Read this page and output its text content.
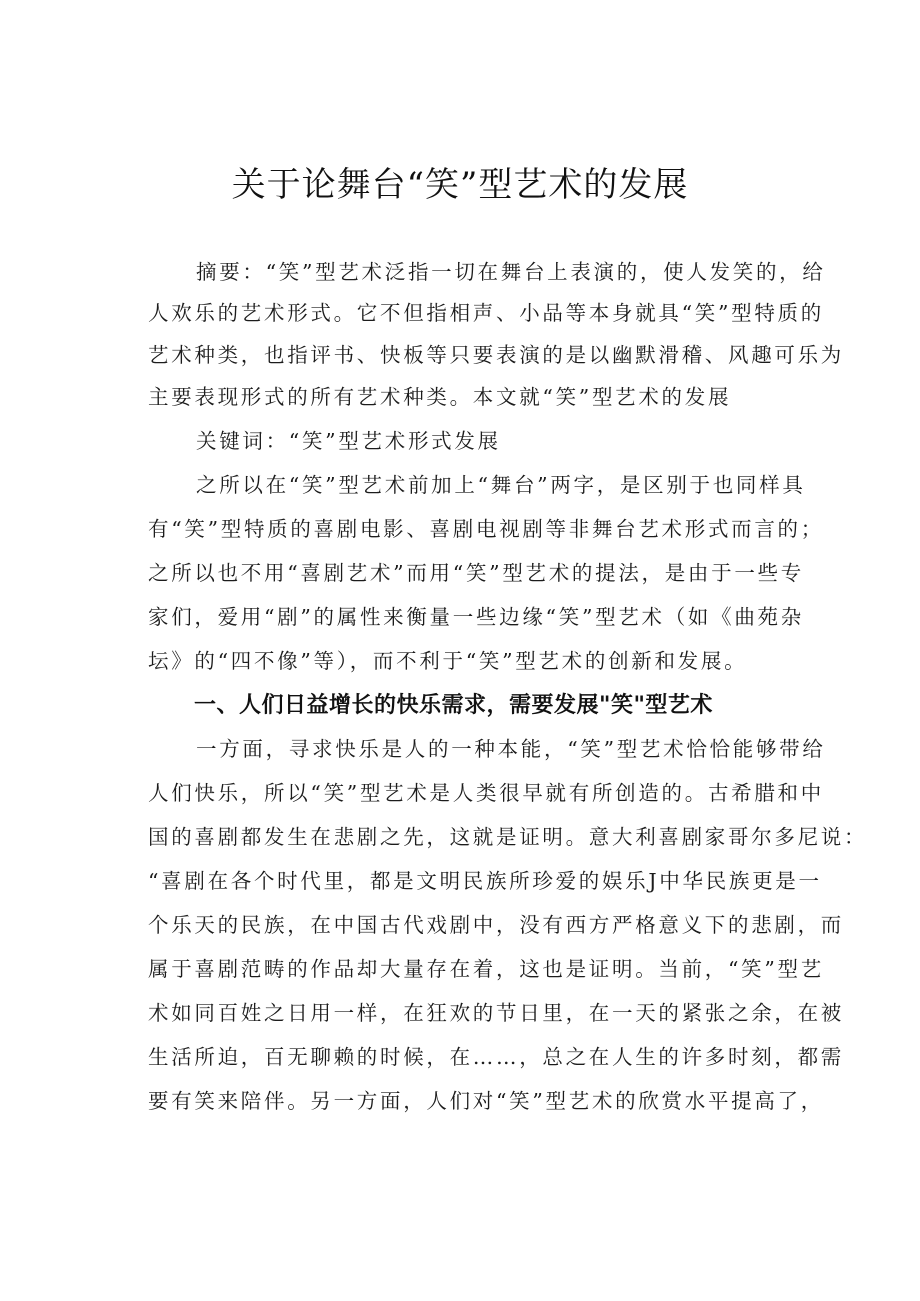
关于论舞台“笑”型艺术的发展
摘要：“笑”型艺术泛指一切在舞台上表演的，使人发笑的，给
人欢乐的艺术形式。它不但指相声、小品等本身就具“笑”型特质的
艺术种类，也指评书、快板等只要表演的是以幽默滑稽、风趣可乐为
主要表现形式的所有艺术种类。本文就“笑”型艺术的发展
关键词：“笑”型艺术形式发展
之所以在“笑”型艺术前加上“舞台”两字，是区别于也同样具
有“笑”型特质的喜剧电影、喜剧电视剧等非舞台艺术形式而言的；
之所以也不用“喜剧艺术”而用“笑”型艺术的提法，是由于一些专
家们，爱用“剧”的属性来衡量一些边缘“笑”型艺术（如《曲苑杂
坛》的“四不像”等），而不利于“笑”型艺术的创新和发展。
一、人们日益增长的快乐需求，需要发展"笑"型艺术
一方面，寻求快乐是人的一种本能，“笑”型艺术恰恰能够带给
人们快乐，所以“笑”型艺术是人类很早就有所创造的。古希腊和中
国的喜剧都发生在悲剧之先，这就是证明。意大利喜剧家哥尔多尼说：
“喜剧在各个时代里，都是文明民族所珍爱的娱乐J中华民族更是一
个乐天的民族，在中国古代戏剧中，没有西方严格意义下的悲剧，而
属于喜剧范畴的作品却大量存在着，这也是证明。当前，“笑”型艺
术如同百姓之日用一样，在狂欢的节日里，在一天的紧张之余，在被
生活所迫，百无聊赖的时候，在……，总之在人生的许多时刻，都需
要有笑来陪伴。另一方面，人们对“笑”型艺术的欣赏水平提高了，
